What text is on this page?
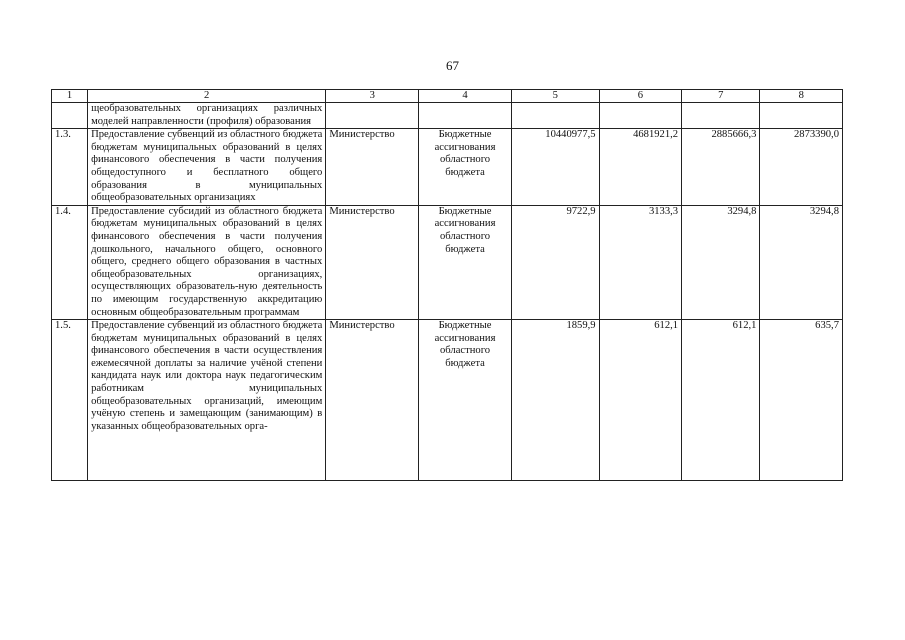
67
1	2	3	4	5	6	7	8
	щеобразовательных организациях различных моделей направленности (профиля) образования						
1.3.	Предоставление субвенций из областного бюджета бюджетам муниципальных образований в целях финансового обеспечения в части получения общедоступного и бесплатного общего образования в муниципальных общеобразовательных организациях	Министерство	Бюджетные ассигнования областного бюджета	10440977,5	4681921,2	2885666,3	2873390,0
1.4.	Предоставление субсидий из областного бюджета бюджетам муниципальных образований в целях финансового обеспечения в части получения дошкольного, начального общего, основного общего, среднего общего образования в частных общеобразовательных организациях, осуществляющих образователь-ную деятельность по имеющим государственную аккредитацию основным общеобразовательным программам	Министерство	Бюджетные ассигнования областного бюджета	9722,9	3133,3	3294,8	3294,8
1.5.	Предоставление субвенций из областного бюджета бюджетам муниципальных образований в целях финансового обеспечения в части осуществления ежемесячной доплаты за наличие учёной степени кандидата наук или доктора наук педагогическим работникам муниципальных общеобразовательных организаций, имеющим учёную степень и замещающим (занимающим) в указанных общеобразовательных орга-	Министерство	Бюджетные ассигнования областного бюджета	1859,9	612,1	612,1	635,7
